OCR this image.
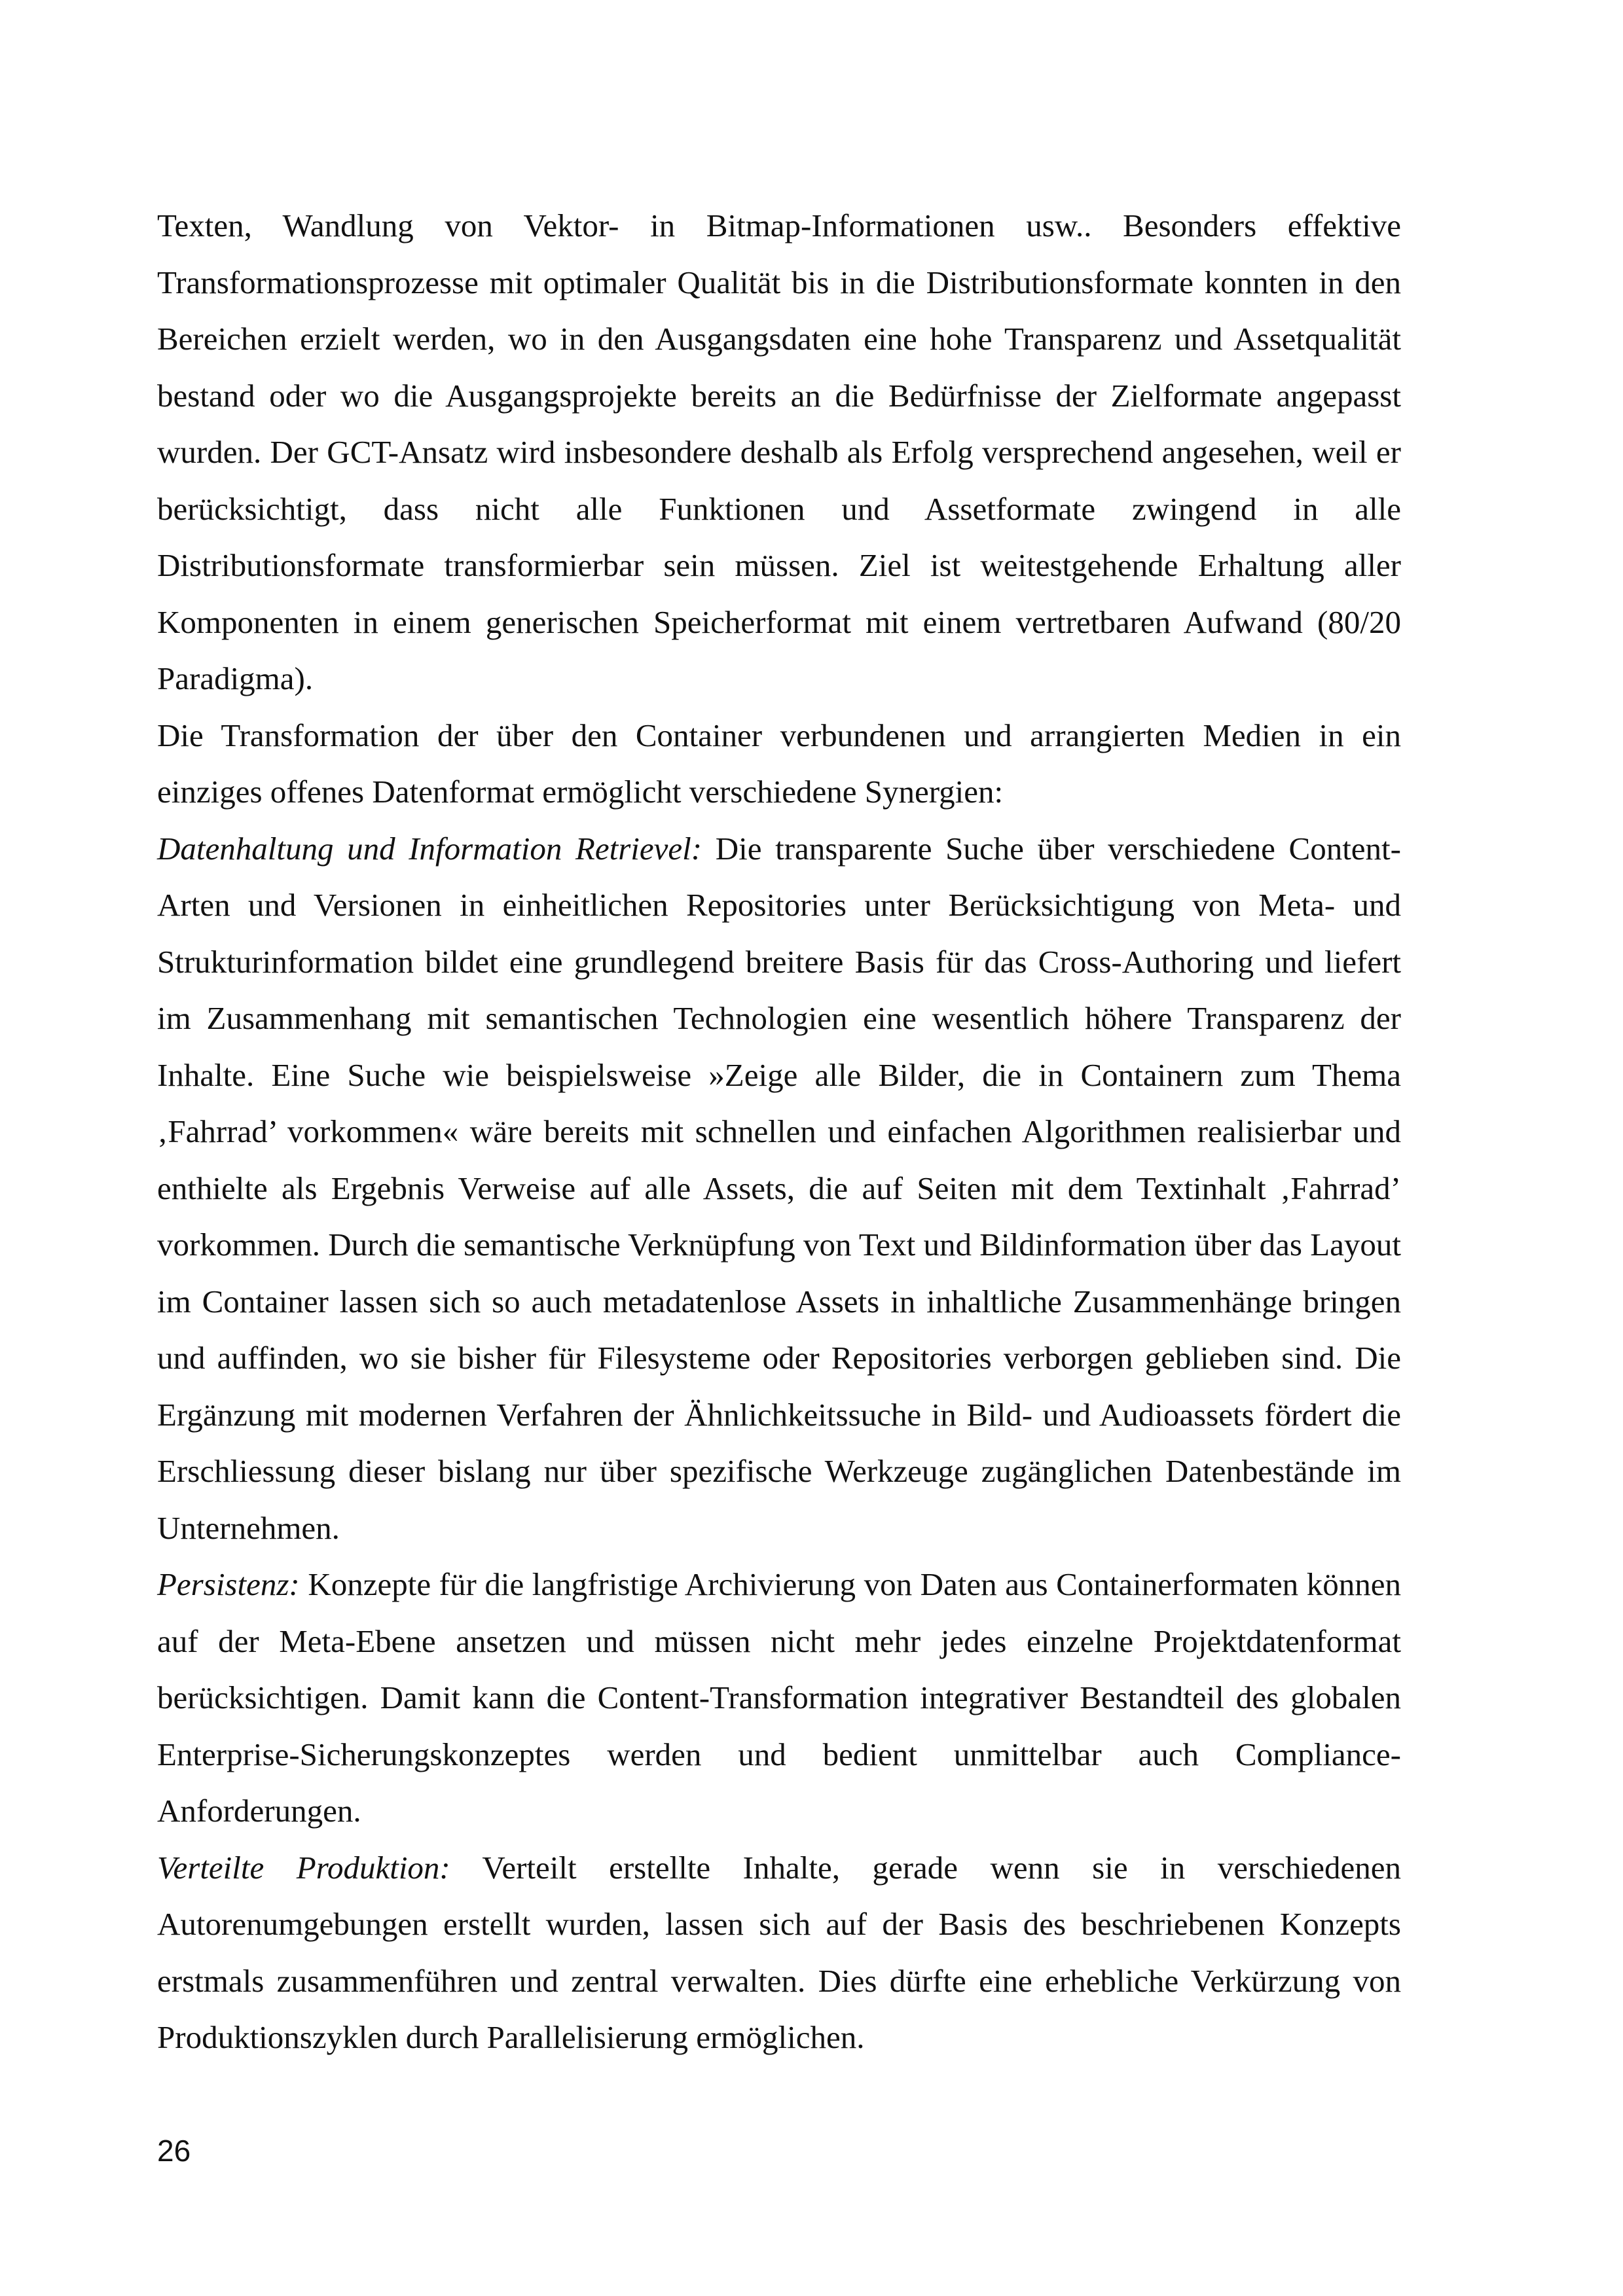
Texten, Wandlung von Vektor- in Bitmap-Informationen usw.. Besonders effektive Transformationsprozesse mit optimaler Qualität bis in die Distributionsformate konnten in den Bereichen erzielt werden, wo in den Ausgangsdaten eine hohe Transparenz und Assetqualität bestand oder wo die Ausgangsprojekte bereits an die Bedürfnisse der Zielformate angepasst wurden. Der GCT-Ansatz wird insbesondere deshalb als Erfolg versprechend angesehen, weil er berücksichtigt, dass nicht alle Funktionen und Assetformate zwingend in alle Distributionsformate transformierbar sein müssen. Ziel ist weitestgehende Erhaltung aller Komponenten in einem generischen Speicherformat mit einem vertretbaren Aufwand (80/20 Paradigma).

Die Transformation der über den Container verbundenen und arrangierten Medien in ein einziges offenes Datenformat ermöglicht verschiedene Synergien:

Datenhaltung und Information Retrievel: Die transparente Suche über verschiedene Content-Arten und Versionen in einheitlichen Repositories unter Berücksichtigung von Meta- und Strukturinformation bildet eine grundlegend breitere Basis für das Cross-Authoring und liefert im Zusammenhang mit semantischen Technologien eine wesentlich höhere Transparenz der Inhalte. Eine Suche wie beispielsweise »Zeige alle Bilder, die in Containern zum Thema ‚Fahrrad’ vorkommen« wäre bereits mit schnellen und einfachen Algorithmen realisierbar und enthielte als Ergebnis Verweise auf alle Assets, die auf Seiten mit dem Textinhalt ‚Fahrrad’ vorkommen. Durch die semantische Verknüpfung von Text und Bildinformation über das Layout im Container lassen sich so auch metadatenlose Assets in inhaltliche Zusammenhänge bringen und auffinden, wo sie bisher für Filesysteme oder Repositories verborgen geblieben sind. Die Ergänzung mit modernen Verfahren der Ähnlichkeitssuche in Bild- und Audioassets fördert die Erschliessung dieser bislang nur über spezifische Werkzeuge zugänglichen Datenbestände im Unternehmen.

Persistenz: Konzepte für die langfristige Archivierung von Daten aus Containerformaten können auf der Meta-Ebene ansetzen und müssen nicht mehr jedes einzelne Projektdatenformat berücksichtigen. Damit kann die Content-Transformation integrativer Bestandteil des globalen Enterprise-Sicherungskonzeptes werden und bedient unmittelbar auch Compliance-Anforderungen.

Verteilte Produktion: Verteilt erstellte Inhalte, gerade wenn sie in verschiedenen Autorenumgebungen erstellt wurden, lassen sich auf der Basis des beschriebenen Konzepts erstmals zusammenführen und zentral verwalten. Dies dürfte eine erhebliche Verkürzung von Produktionszyklen durch Parallelisierung ermöglichen.

26
